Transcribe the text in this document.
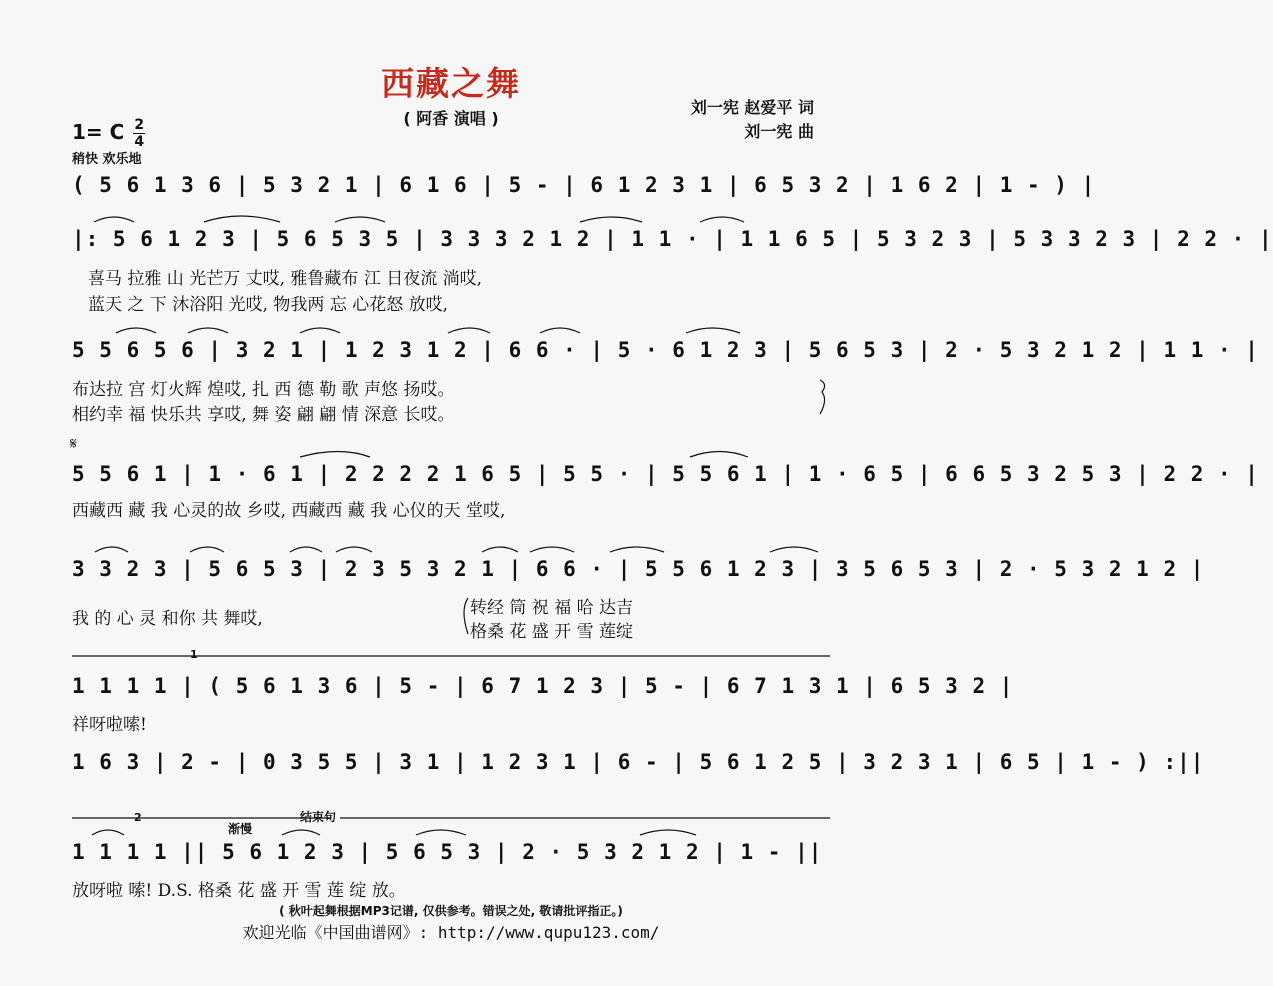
西藏之舞
( 阿香 演唱 )
刘一宪 赵爱平 词
刘一宪 曲
1= C $\frac{2}{4}$
稍快 欢乐地
( 5 6 1 3 6 | 5 3 2 1 | 6 1 6 | 5 - | 6 1 2 3 1 | 6 5 3 2 | 1 6 2 | 1 - ) |
|: 5 6 1 2 3 | 5 6 5 3 5 | 3 3 3 2 1 2 | 1 1 · | 1 1 6 5 | 5 3 2 3 | 5 3 3 2 3 | 2 2 · |
喜马 拉雅 山 光芒万 丈哎, 雅鲁藏布 江 日夜流 淌哎,
蓝天 之 下 沐浴阳 光哎, 物我两 忘 心花怒 放哎,
5 5 6 5 6 | 3 2 1 | 1 2 3 1 2 | 6 6 · | 5 · 6 1 2 3 | 5 6 5 3 | 2 · 5 3 2 1 2 | 1 1 · |
布达拉 宫 灯火辉 煌哎, 扎 西 德 勒 歌 声悠 扬哎。
相约幸 福 快乐共 享哎, 舞 姿 翩 翩 情 深意 长哎。
𝄋
5 5 6 1 | 1 · 6 1 | 2 2 2 2 1 6 5 | 5 5 · | 5 5 6 1 | 1 · 6 5 | 6 6 5 3 2 5 3 | 2 2 · |
西藏西 藏 我 心灵的故 乡哎, 西藏西 藏 我 心仪的天 堂哎,
3 3 2 3 | 5 6 5 3 | 2 3 5 3 2 1 | 6 6 · | 5 5 6 1 2 3 | 3 5 6 5 3 | 2 · 5 3 2 1 2 |
我 的 心 灵 和你 共 舞哎,
转经 筒 祝 福 哈 达吉
格桑 花 盛 开 雪 莲绽
1
1 1 1 1 | ( 5 6 1 3 6 | 5 - | 6 7 1 2 3 | 5 - | 6 7 1 3 1 | 6 5 3 2 |
祥呀啦嗦!
1 6 3 | 2 - | 0 3 5 5 | 3 1 | 1 2 3 1 | 6 - | 5 6 1 2 5 | 3 2 3 1 | 6 5 | 1 - ) :||
2
渐慢
结束句
1 1 1 1 || 5 6 1 2 3 | 5 6 5 3 | 2 · 5 3 2 1 2 | 1 - ||
放呀啦 嗦! D.S. 格桑 花 盛 开 雪 莲 绽 放。
( 秋叶起舞根据MP3记谱, 仅供参考。错误之处, 敬请批评指正。)
欢迎光临《中国曲谱网》: http://www.qupu123.com/
